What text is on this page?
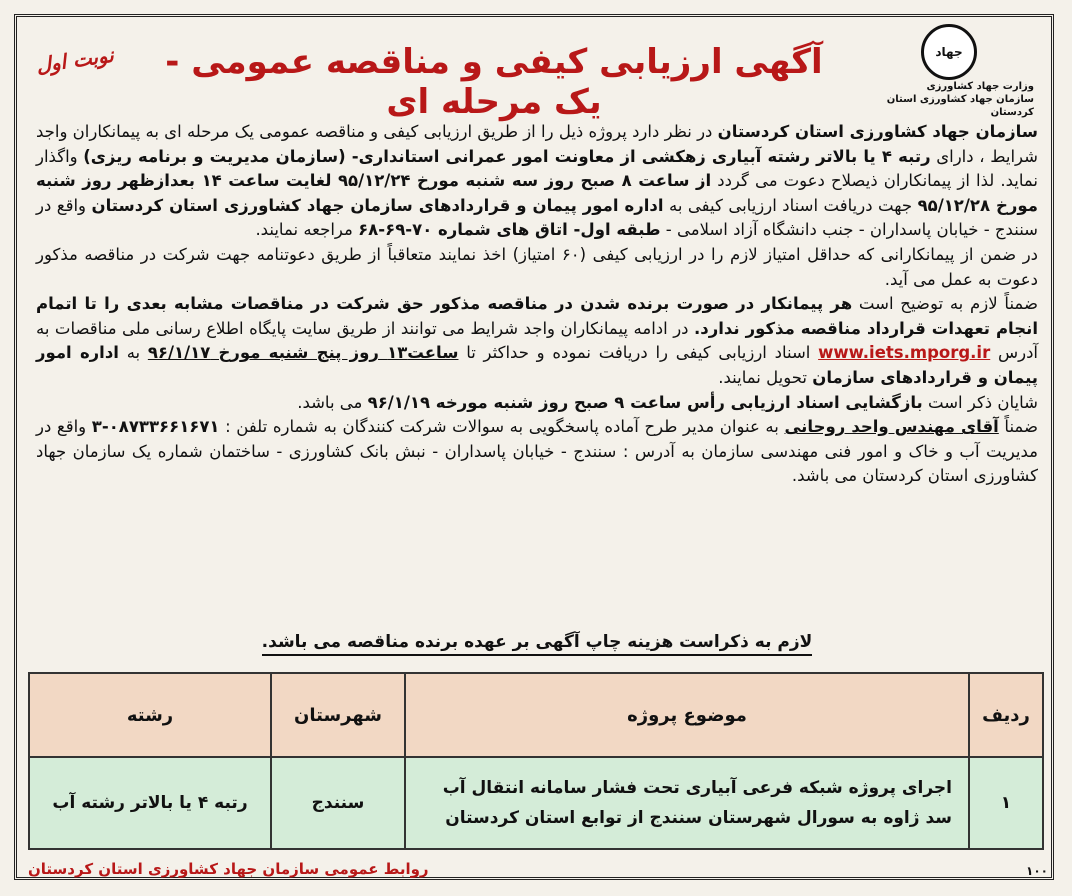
جهاد
وزارت جهاد کشاورزی
سازمان جهاد کشاورزی استان کردستان
آگهی ارزیابی کیفی و مناقصه عمومی - یک مرحله ای
نوبت اول

سازمان جهاد کشاورزی استان کردستان در نظر دارد پروژه ذیل را از طریق ارزیابی کیفی و مناقصه عمومی یک مرحله ای به پیمانکاران واجد شرایط ، دارای رتبه ۴ یا بالاتر رشته آبیاری زهکشی از معاونت امور عمرانی استانداری- (سازمان مدیریت و برنامه ریزی) واگذار نماید. لذا از پیمانکاران ذیصلاح دعوت می گردد از ساعت ۸ صبح روز سه شنبه مورخ ۹۵/۱۲/۲۴ لغایت ساعت ۱۴ بعدازظهر روز شنبه مورخ ۹۵/۱۲/۲۸ جهت دریافت اسناد ارزیابی کیفی به اداره امور پیمان و قراردادهای سازمان جهاد کشاورزی استان کردستان واقع در سنندج - خیابان پاسداران - جنب دانشگاه آزاد اسلامی - طبقه اول- اتاق های شماره ۷۰-۶۹-۶۸ مراجعه نمایند.

در ضمن از پیمانکارانی که حداقل امتیاز لازم را در ارزیابی کیفی (۶۰ امتیاز) اخذ نمایند متعاقباً از طریق دعوتنامه جهت شرکت در مناقصه مذکور دعوت به عمل می آید.

ضمناً لازم به توضیح است هر پیمانکار در صورت برنده شدن در مناقصه مذکور حق شرکت در مناقصات مشابه بعدی را تا اتمام انجام تعهدات قرارداد مناقصه مذکور ندارد. در ادامه پیمانکاران واجد شرایط می توانند از طریق سایت پایگاه اطلاع رسانی ملی مناقصات به آدرس www.iets.mporg.ir اسناد ارزیابی کیفی را دریافت نموده و حداکثر تا ساعت۱۳ روز پنج شنبه مورخ ۹۶/۱/۱۷ به اداره امور پیمان و قراردادهای سازمان تحویل نمایند.

شایان ذکر است بازگشایی اسناد ارزیابی رأس ساعت ۹ صبح روز شنبه مورخه ۹۶/۱/۱۹ می باشد.

ضمناً آقای مهندس واحد روحانی به عنوان مدیر طرح آماده پاسخگویی به سوالات شرکت کنندگان به شماره تلفن : ۰۸۷۳۳۶۶۱۶۷۱-۳ واقع در مدیریت آب و خاک و امور فنی مهندسی سازمان به آدرس : سنندج - خیابان پاسداران - نبش بانک کشاورزی - ساختمان شماره یک سازمان جهاد کشاورزی استان کردستان می باشد.

لازم به ذکراست هزینه چاپ آگهی بر عهده برنده مناقصه می باشد.
ردیف	موضوع پروژه	شهرستان	رشته
۱	اجرای پروژه شبکه فرعی آبیاری تحت فشار سامانه انتقال آب سد ژاوه به سورال شهرستان سنندج از توابع استان کردستان	سنندج	رتبه ۴ یا بالاتر رشته آب
روابط عمومی سازمان جهاد کشاورزی استان کردستان	۱۰۰
